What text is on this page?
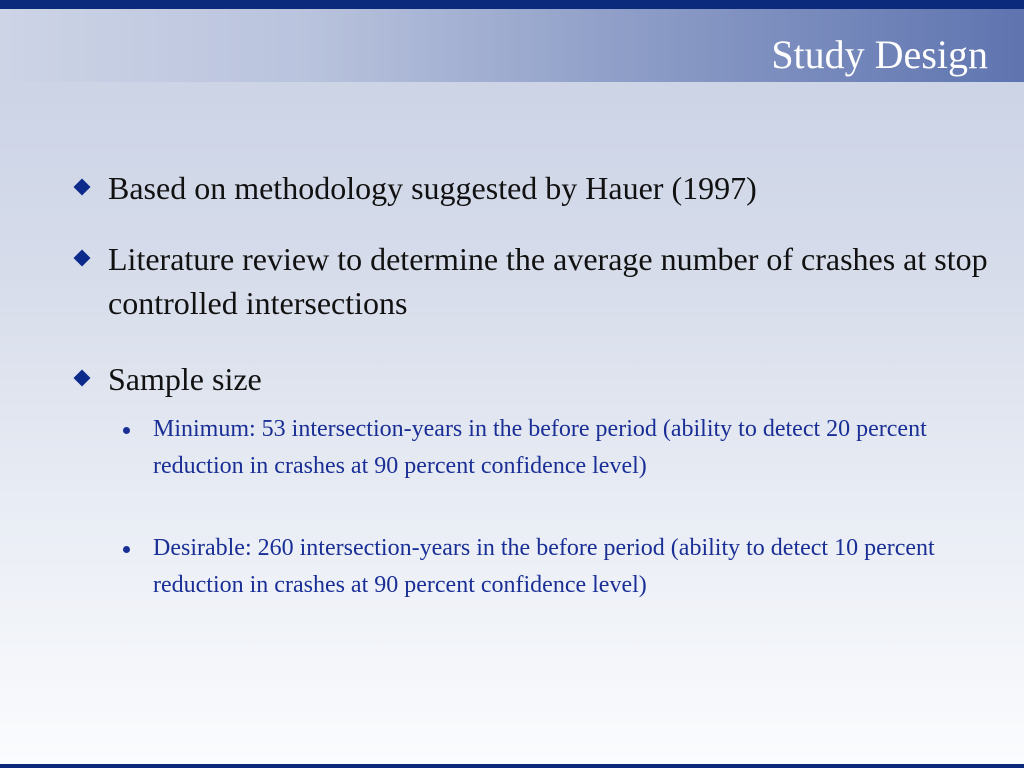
Study Design
Based on methodology suggested by Hauer (1997)
Literature review to determine the average number of crashes at stop controlled intersections
Sample size
Minimum: 53 intersection-years in the before period (ability to detect 20 percent reduction in crashes at 90 percent confidence level)
Desirable: 260 intersection-years in the before period (ability to detect 10 percent reduction in crashes at 90 percent confidence level)
